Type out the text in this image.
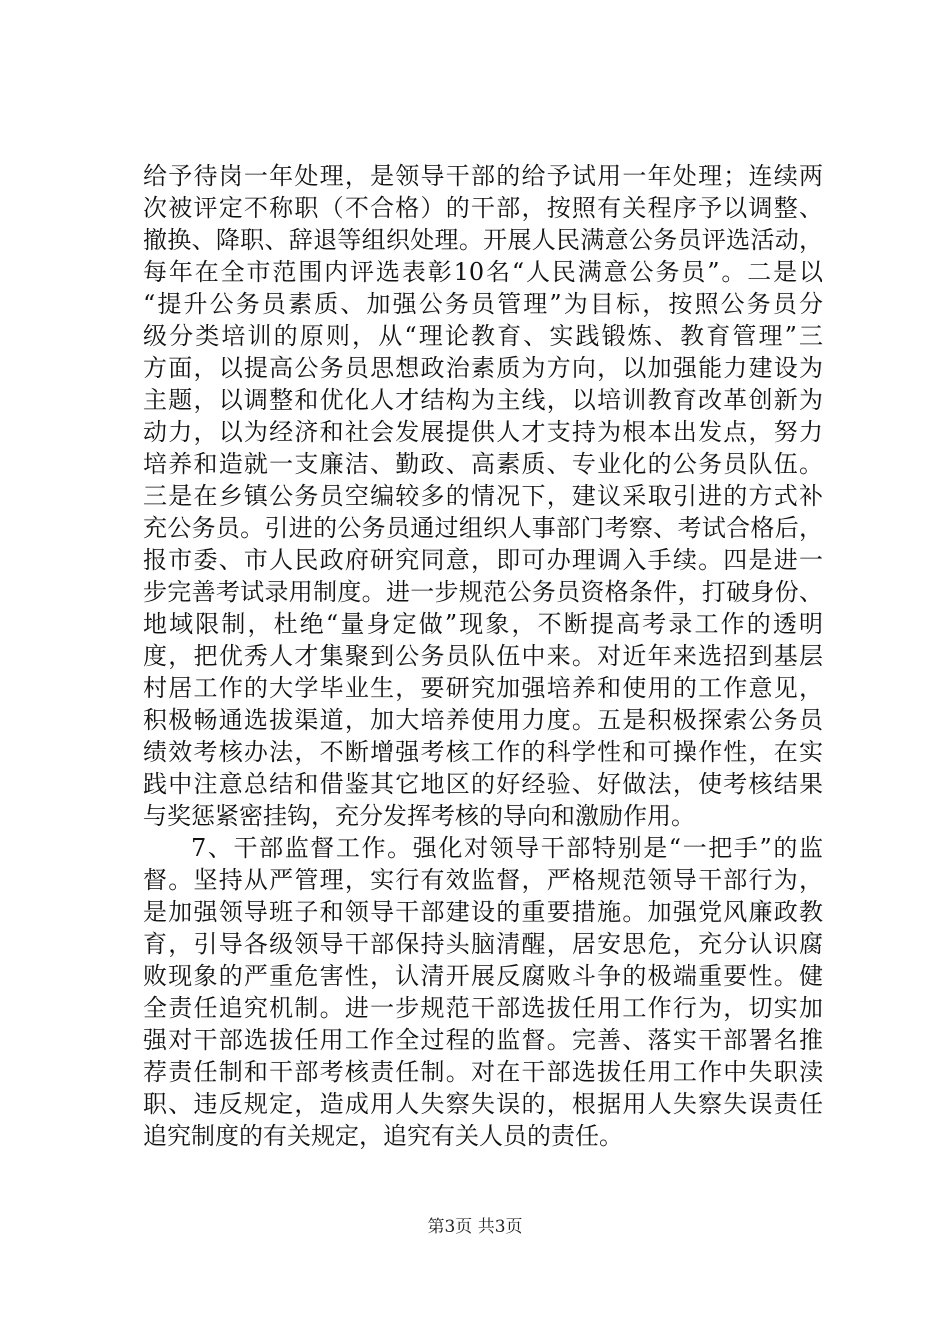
给予待岗一年处理，是领导干部的给予试用一年处理；连续两
次被评定不称职（不合格）的干部，按照有关程序予以调整、
撤换、降职、辞退等组织处理。开展人民满意公务员评选活动，
每年在全市范围内评选表彰10名“人民满意公务员”。二是以
“提升公务员素质、加强公务员管理”为目标，按照公务员分
级分类培训的原则，从“理论教育、实践锻炼、教育管理”三
方面，以提高公务员思想政治素质为方向，以加强能力建设为
主题，以调整和优化人才结构为主线，以培训教育改革创新为
动力，以为经济和社会发展提供人才支持为根本出发点，努力
培养和造就一支廉洁、勤政、高素质、专业化的公务员队伍。
三是在乡镇公务员空编较多的情况下，建议采取引进的方式补
充公务员。引进的公务员通过组织人事部门考察、考试合格后，
报市委、市人民政府研究同意，即可办理调入手续。四是进一
步完善考试录用制度。进一步规范公务员资格条件，打破身份、
地域限制，杜绝“量身定做”现象，不断提高考录工作的透明
度，把优秀人才集聚到公务员队伍中来。对近年来选招到基层
村居工作的大学毕业生，要研究加强培养和使用的工作意见，
积极畅通选拔渠道，加大培养使用力度。五是积极探索公务员
绩效考核办法，不断增强考核工作的科学性和可操作性，在实
践中注意总结和借鉴其它地区的好经验、好做法，使考核结果
与奖惩紧密挂钩，充分发挥考核的导向和激励作用。
7、干部监督工作。强化对领导干部特别是“一把手”的监
督。坚持从严管理，实行有效监督，严格规范领导干部行为，
是加强领导班子和领导干部建设的重要措施。加强党风廉政教
育，引导各级领导干部保持头脑清醒，居安思危，充分认识腐
败现象的严重危害性，认清开展反腐败斗争的极端重要性。健
全责任追究机制。进一步规范干部选拔任用工作行为，切实加
强对干部选拔任用工作全过程的监督。完善、落实干部署名推
荐责任制和干部考核责任制。对在干部选拔任用工作中失职渎
职、违反规定，造成用人失察失误的，根据用人失察失误责任
追究制度的有关规定，追究有关人员的责任。
第3页 共3页
